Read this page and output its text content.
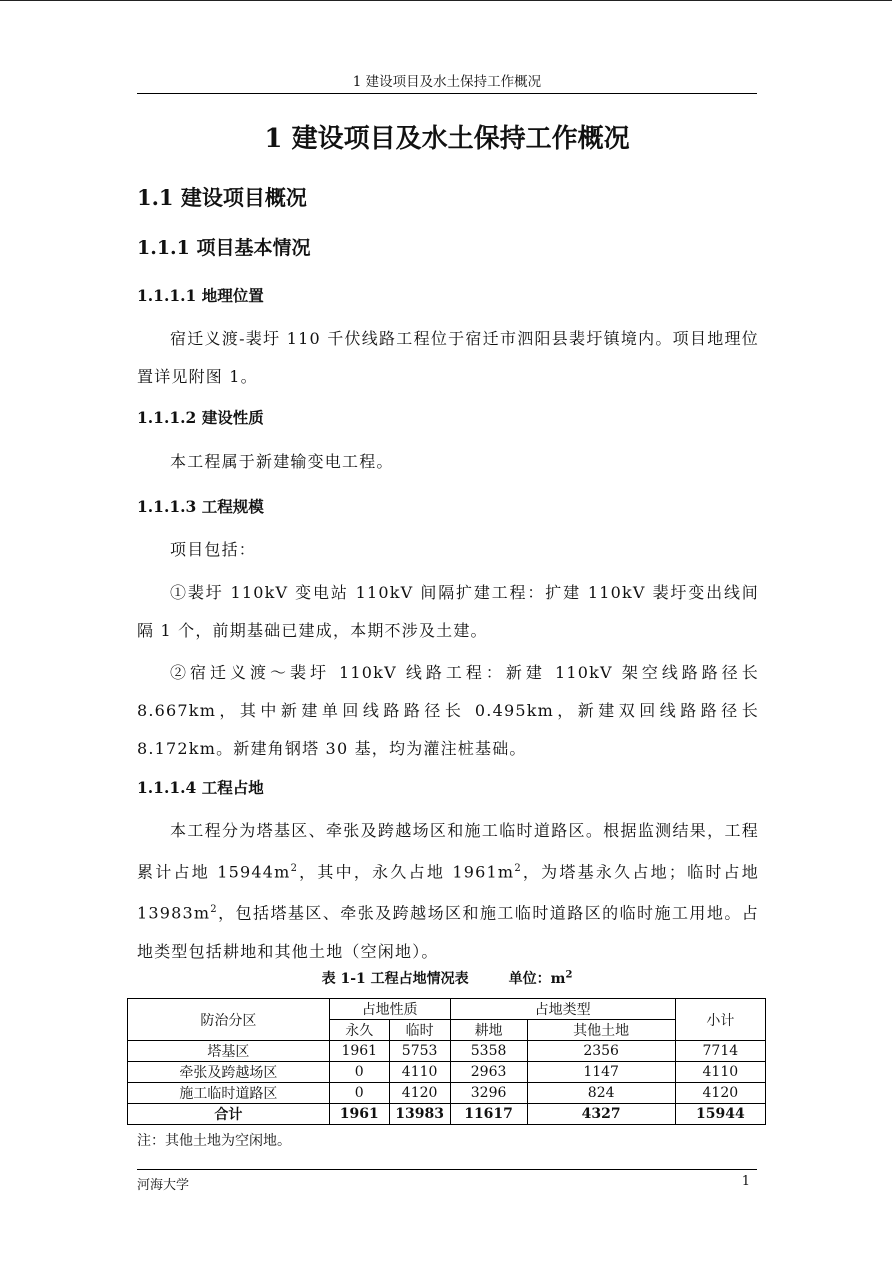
1 建设项目及水土保持工作概况
1 建设项目及水土保持工作概况
1.1 建设项目概况
1.1.1 项目基本情况
1.1.1.1 地理位置

宿迁义渡-裴圩 110 千伏线路工程位于宿迁市泗阳县裴圩镇境内。项目地理位置详见附图 1。

1.1.1.2 建设性质

本工程属于新建输变电工程。

1.1.1.3 工程规模

项目包括：

①裴圩 110kV 变电站 110kV 间隔扩建工程：扩建 110kV 裴圩变出线间隔 1 个，前期基础已建成，本期不涉及土建。

②宿迁义渡～裴圩 110kV 线路工程：新建 110kV 架空线路路径长 8.667km，其中新建单回线路路径长 0.495km，新建双回线路路径长 8.172km。新建角钢塔 30 基，均为灌注桩基础。

1.1.1.4 工程占地

本工程分为塔基区、牵张及跨越场区和施工临时道路区。根据监测结果，工程累计占地 $15944m^2$，其中，永久占地 $1961m^2$，为塔基永久占地；临时占地 $13983m^2$，包括塔基区、牵张及跨越场区和施工临时道路区的临时施工用地。占地类型包括耕地和其他土地（空闲地）。

表 1-1 工程占地情况表	单位：$m^2$
防治分区	占地性质		占地类型		小计
	永久	临时	耕地	其他土地	
塔基区	1961	5753	5358	2356	7714
牵张及跨越场区	0	4110	2963	1147	4110
施工临时道路区	0	4120	3296	824	4120
合计	1961	13983	11617	4327	15944
注：其他土地为空闲地。
河海大学	1
